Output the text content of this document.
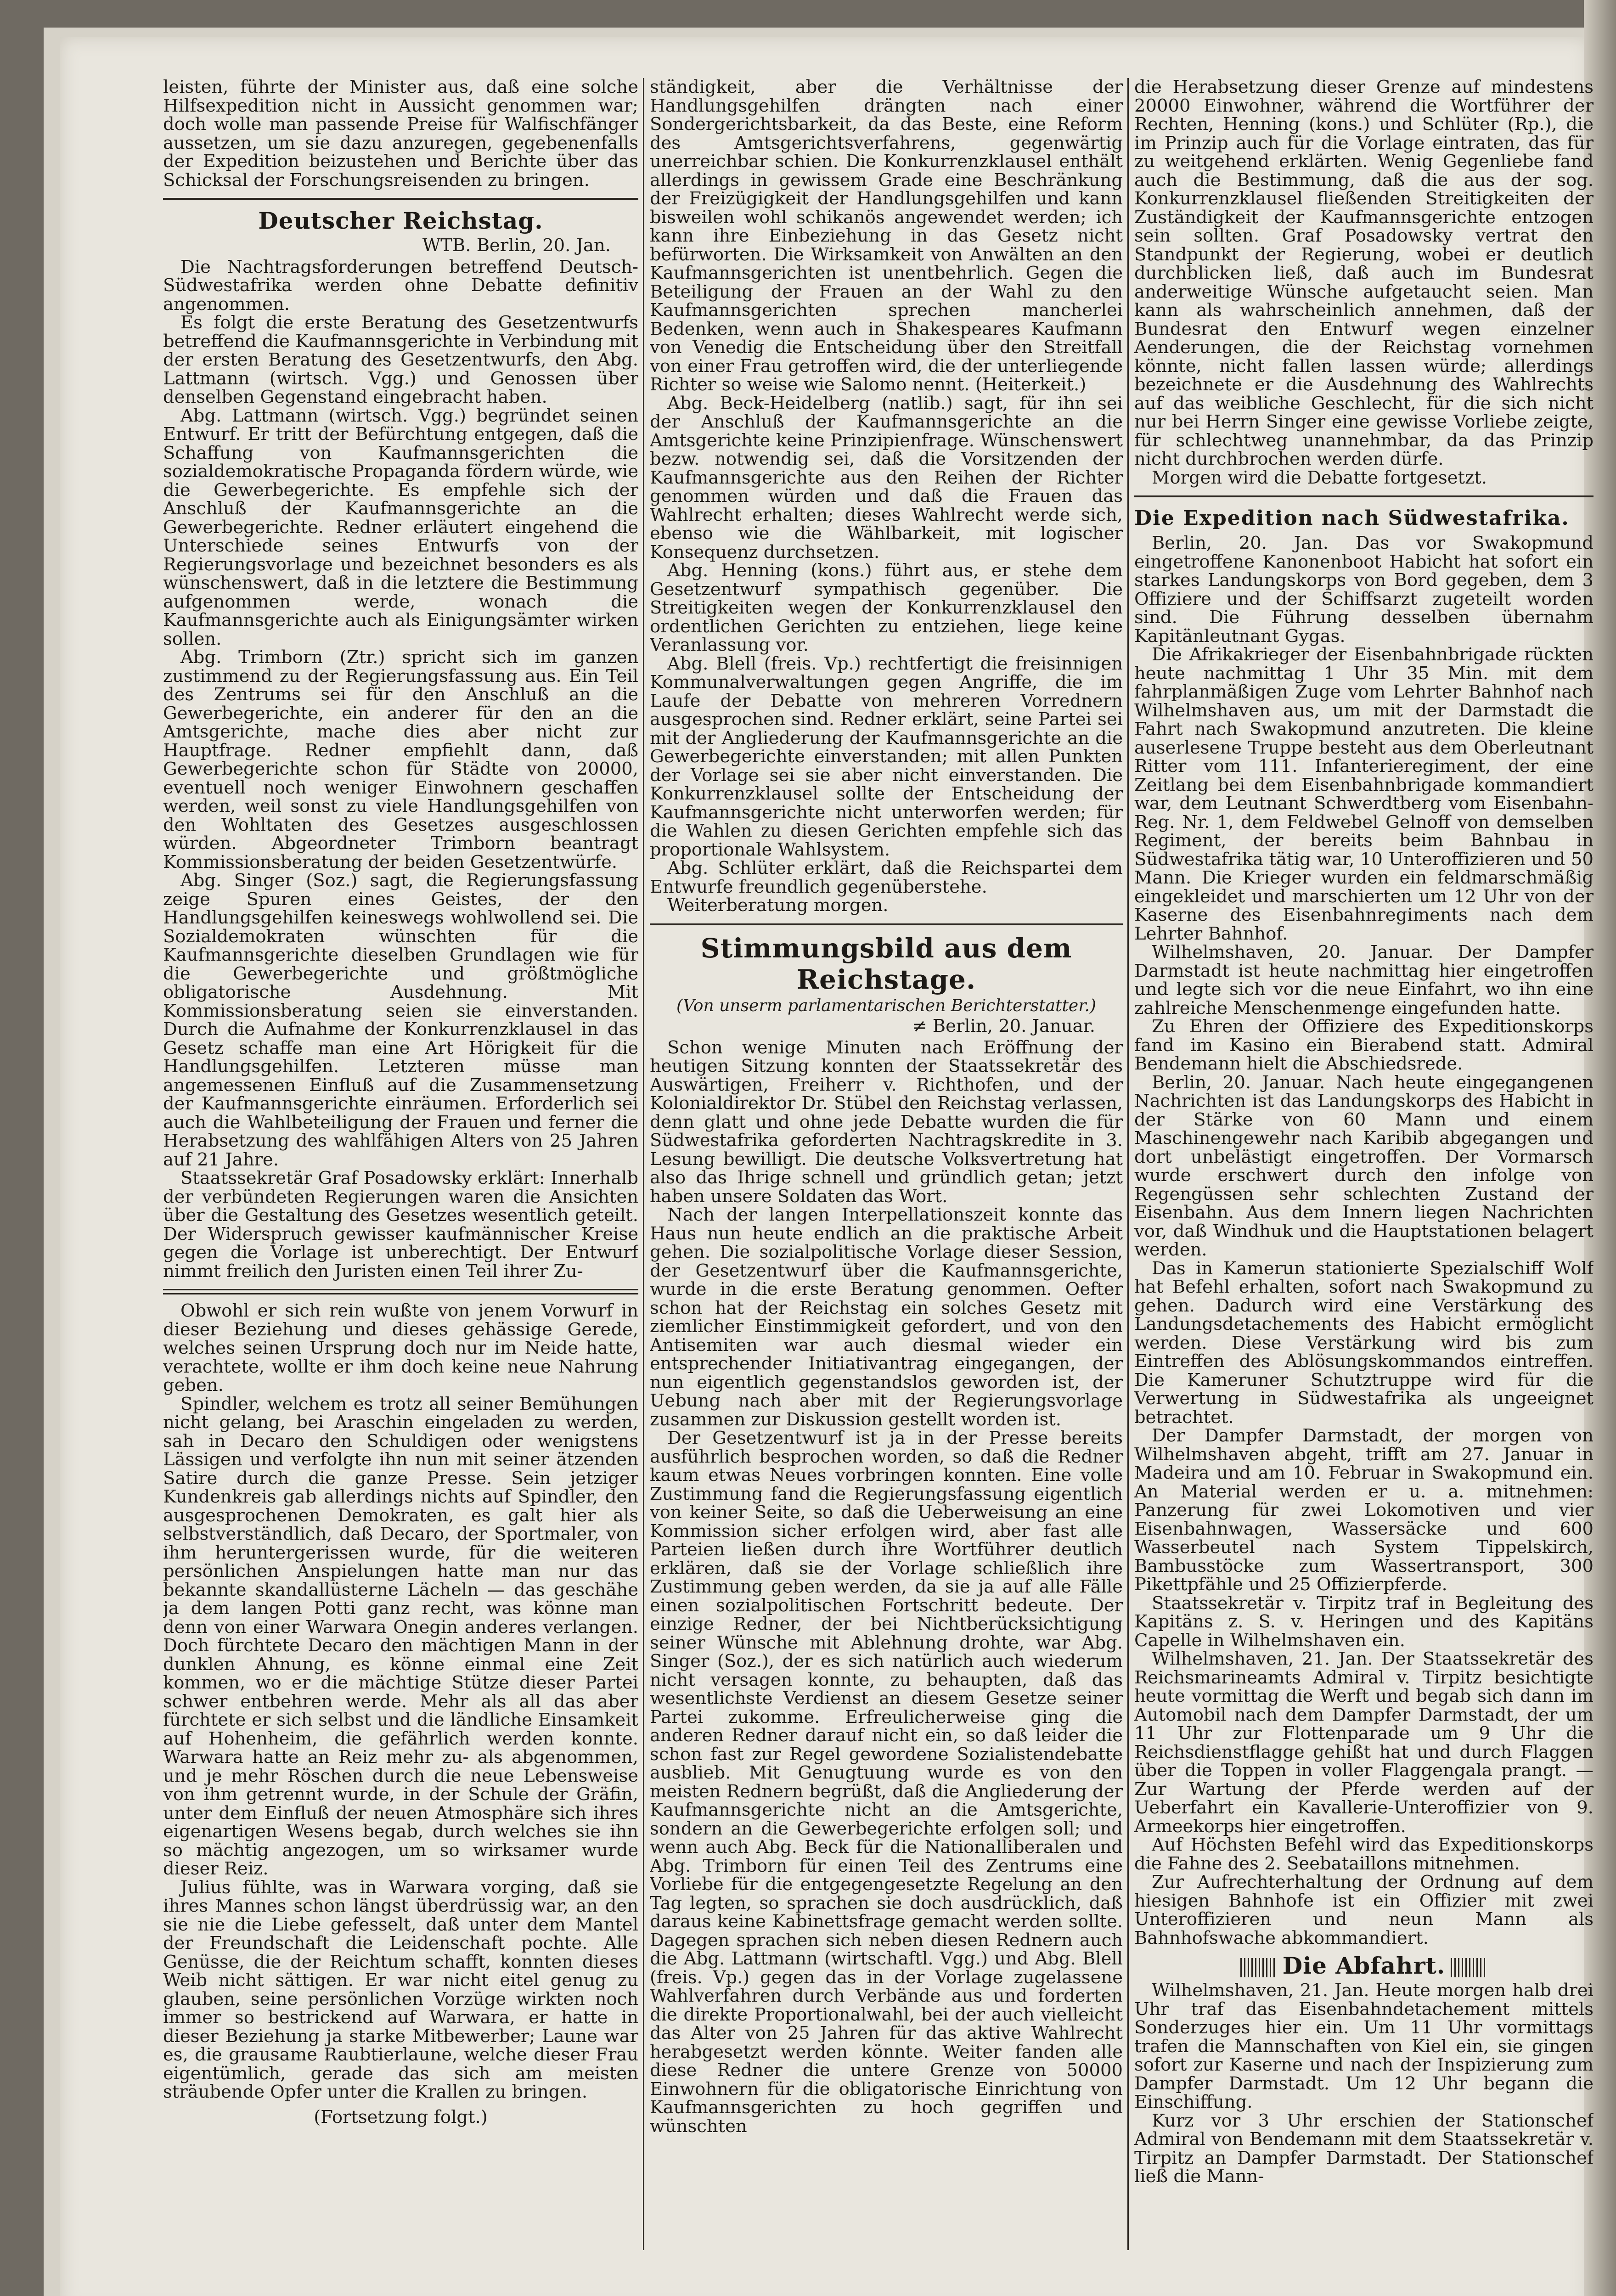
leisten, führte der Minister aus, daß eine solche Hilfsexpedition nicht in Aussicht genommen war; doch wolle man passende Preise für Walfischfänger aussetzen, um sie dazu anzuregen, gegebenenfalls der Expedition beizustehen und Berichte über das Schicksal der Forschungsreisenden zu bringen.

Deutscher Reichstag.
WTB. Berlin, 20. Jan.

Die Nachtragsforderungen betreffend Deutsch-Südwestafrika werden ohne Debatte definitiv angenommen.

Es folgt die erste Beratung des Gesetzentwurfs betreffend die Kaufmannsgerichte in Verbindung mit der ersten Beratung des Gesetzentwurfs, den Abg. Lattmann (wirtsch. Vgg.) und Genossen über denselben Gegenstand eingebracht haben.

Abg. Lattmann (wirtsch. Vgg.) begründet seinen Entwurf. Er tritt der Befürchtung entgegen, daß die Schaffung von Kaufmannsgerichten die sozialdemokratische Propaganda fördern würde, wie die Gewerbegerichte. Es empfehle sich der Anschluß der Kaufmannsgerichte an die Gewerbegerichte. Redner erläutert eingehend die Unterschiede seines Entwurfs von der Regierungsvorlage und bezeichnet besonders es als wünschenswert, daß in die letztere die Bestimmung aufgenommen werde, wonach die Kaufmannsgerichte auch als Einigungsämter wirken sollen.

Abg. Trimborn (Ztr.) spricht sich im ganzen zustimmend zu der Regierungsfassung aus. Ein Teil des Zentrums sei für den Anschluß an die Gewerbegerichte, ein anderer für den an die Amtsgerichte, mache dies aber nicht zur Hauptfrage. Redner empfiehlt dann, daß Gewerbegerichte schon für Städte von 20000, eventuell noch weniger Einwohnern geschaffen werden, weil sonst zu viele Handlungsgehilfen von den Wohltaten des Gesetzes ausgeschlossen würden. Abgeordneter Trimborn beantragt Kommissionsberatung der beiden Gesetzentwürfe.

Abg. Singer (Soz.) sagt, die Regierungsfassung zeige Spuren eines Geistes, der den Handlungsgehilfen keineswegs wohlwollend sei. Die Sozialdemokraten wünschten für die Kaufmannsgerichte dieselben Grundlagen wie für die Gewerbegerichte und größtmögliche obligatorische Ausdehnung. Mit Kommissionsberatung seien sie einverstanden. Durch die Aufnahme der Konkurrenzklausel in das Gesetz schaffe man eine Art Hörigkeit für die Handlungsgehilfen. Letzteren müsse man angemessenen Einfluß auf die Zusammensetzung der Kaufmannsgerichte einräumen. Erforderlich sei auch die Wahlbeteiligung der Frauen und ferner die Herabsetzung des wahlfähigen Alters von 25 Jahren auf 21 Jahre.

Staatssekretär Graf Posadowsky erklärt: Innerhalb der verbündeten Regierungen waren die Ansichten über die Gestaltung des Gesetzes wesentlich geteilt. Der Widerspruch gewisser kaufmännischer Kreise gegen die Vorlage ist unberechtigt. Der Entwurf nimmt freilich den Juristen einen Teil ihrer Zu-

Obwohl er sich rein wußte von jenem Vorwurf in dieser Beziehung und dieses gehässige Gerede, welches seinen Ursprung doch nur im Neide hatte, verachtete, wollte er ihm doch keine neue Nahrung geben.

Spindler, welchem es trotz all seiner Bemühungen nicht gelang, bei Araschin eingeladen zu werden, sah in Decaro den Schuldigen oder wenigstens Lässigen und verfolgte ihn nun mit seiner ätzenden Satire durch die ganze Presse. Sein jetziger Kundenkreis gab allerdings nichts auf Spindler, den ausgesprochenen Demokraten, es galt hier als selbstverständlich, daß Decaro, der Sportmaler, von ihm heruntergerissen wurde, für die weiteren persönlichen Anspielungen hatte man nur das bekannte skandallüsterne Lächeln — das geschähe ja dem langen Potti ganz recht, was könne man denn von einer Warwara Onegin anderes verlangen. Doch fürchtete Decaro den mächtigen Mann in der dunklen Ahnung, es könne einmal eine Zeit kommen, wo er die mächtige Stütze dieser Partei schwer entbehren werde. Mehr als all das aber fürchtete er sich selbst und die ländliche Einsamkeit auf Hohenheim, die gefährlich werden konnte. Warwara hatte an Reiz mehr zu- als abgenommen, und je mehr Röschen durch die neue Lebensweise von ihm getrennt wurde, in der Schule der Gräfin, unter dem Einfluß der neuen Atmosphäre sich ihres eigenartigen Wesens begab, durch welches sie ihn so mächtig angezogen, um so wirksamer wurde dieser Reiz.

Julius fühlte, was in Warwara vorging, daß sie ihres Mannes schon längst überdrüssig war, an den sie nie die Liebe gefesselt, daß unter dem Mantel der Freundschaft die Leidenschaft pochte. Alle Genüsse, die der Reichtum schafft, konnten dieses Weib nicht sättigen. Er war nicht eitel genug zu glauben, seine persönlichen Vorzüge wirkten noch immer so bestrickend auf Warwara, er hatte in dieser Beziehung ja starke Mitbewerber; Laune war es, die grausame Raubtierlaune, welche dieser Frau eigentümlich, gerade das sich am meisten sträubende Opfer unter die Krallen zu bringen.

(Fortsetzung folgt.)

ständigkeit, aber die Verhältnisse der Handlungsgehilfen drängten nach einer Sondergerichtsbarkeit, da das Beste, eine Reform des Amtsgerichtsverfahrens, gegenwärtig unerreichbar schien. Die Konkurrenzklausel enthält allerdings in gewissem Grade eine Beschränkung der Freizügigkeit der Handlungsgehilfen und kann bisweilen wohl schikanös angewendet werden; ich kann ihre Einbeziehung in das Gesetz nicht befürworten. Die Wirksamkeit von Anwälten an den Kaufmannsgerichten ist unentbehrlich. Gegen die Beteiligung der Frauen an der Wahl zu den Kaufmannsgerichten sprechen mancherlei Bedenken, wenn auch in Shakespeares Kaufmann von Venedig die Entscheidung über den Streitfall von einer Frau getroffen wird, die der unterliegende Richter so weise wie Salomo nennt. (Heiterkeit.)

Abg. Beck-Heidelberg (natlib.) sagt, für ihn sei der Anschluß der Kaufmannsgerichte an die Amtsgerichte keine Prinzipienfrage. Wünschenswert bezw. notwendig sei, daß die Vorsitzenden der Kaufmannsgerichte aus den Reihen der Richter genommen würden und daß die Frauen das Wahlrecht erhalten; dieses Wahlrecht werde sich, ebenso wie die Wählbarkeit, mit logischer Konsequenz durchsetzen.

Abg. Henning (kons.) führt aus, er stehe dem Gesetzentwurf sympathisch gegenüber. Die Streitigkeiten wegen der Konkurrenzklausel den ordentlichen Gerichten zu entziehen, liege keine Veranlassung vor.

Abg. Blell (freis. Vp.) rechtfertigt die freisinnigen Kommunalverwaltungen gegen Angriffe, die im Laufe der Debatte von mehreren Vorrednern ausgesprochen sind. Redner erklärt, seine Partei sei mit der Angliederung der Kaufmannsgerichte an die Gewerbegerichte einverstanden; mit allen Punkten der Vorlage sei sie aber nicht einverstanden. Die Konkurrenzklausel sollte der Entscheidung der Kaufmannsgerichte nicht unterworfen werden; für die Wahlen zu diesen Gerichten empfehle sich das proportionale Wahlsystem.

Abg. Schlüter erklärt, daß die Reichspartei dem Entwurfe freundlich gegenüberstehe.

Weiterberatung morgen.

Stimmungsbild aus dem Reichstage.
(Von unserm parlamentarischen Berichterstatter.)
≠ Berlin, 20. Januar.

Schon wenige Minuten nach Eröffnung der heutigen Sitzung konnten der Staatssekretär des Auswärtigen, Freiherr v. Richthofen, und der Kolonialdirektor Dr. Stübel den Reichstag verlassen, denn glatt und ohne jede Debatte wurden die für Südwestafrika geforderten Nachtragskredite in 3. Lesung bewilligt. Die deutsche Volksvertretung hat also das Ihrige schnell und gründlich getan; jetzt haben unsere Soldaten das Wort.

Nach der langen Interpellationszeit konnte das Haus nun heute endlich an die praktische Arbeit gehen. Die sozialpolitische Vorlage dieser Session, der Gesetzentwurf über die Kaufmannsgerichte, wurde in die erste Beratung genommen. Oefter schon hat der Reichstag ein solches Gesetz mit ziemlicher Einstimmigkeit gefordert, und von den Antisemiten war auch diesmal wieder ein entsprechender Initiativantrag eingegangen, der nun eigentlich gegenstandslos geworden ist, der Uebung nach aber mit der Regierungsvorlage zusammen zur Diskussion gestellt worden ist.

Der Gesetzentwurf ist ja in der Presse bereits ausführlich besprochen worden, so daß die Redner kaum etwas Neues vorbringen konnten. Eine volle Zustimmung fand die Regierungsfassung eigentlich von keiner Seite, so daß die Ueberweisung an eine Kommission sicher erfolgen wird, aber fast alle Parteien ließen durch ihre Wortführer deutlich erklären, daß sie der Vorlage schließlich ihre Zustimmung geben werden, da sie ja auf alle Fälle einen sozialpolitischen Fortschritt bedeute. Der einzige Redner, der bei Nichtberücksichtigung seiner Wünsche mit Ablehnung drohte, war Abg. Singer (Soz.), der es sich natürlich auch wiederum nicht versagen konnte, zu behaupten, daß das wesentlichste Verdienst an diesem Gesetze seiner Partei zukomme. Erfreulicherweise ging die anderen Redner darauf nicht ein, so daß leider die schon fast zur Regel gewordene Sozialistendebatte ausblieb. Mit Genugtuung wurde es von den meisten Rednern begrüßt, daß die Angliederung der Kaufmannsgerichte nicht an die Amtsgerichte, sondern an die Gewerbegerichte erfolgen soll; und wenn auch Abg. Beck für die Nationalliberalen und Abg. Trimborn für einen Teil des Zentrums eine Vorliebe für die entgegengesetzte Regelung an den Tag legten, so sprachen sie doch ausdrücklich, daß daraus keine Kabinettsfrage gemacht werden sollte. Dagegen sprachen sich neben diesen Rednern auch die Abg. Lattmann (wirtschaftl. Vgg.) und Abg. Blell (freis. Vp.) gegen das in der Vorlage zugelassene Wahlverfahren durch Verbände aus und forderten die direkte Proportionalwahl, bei der auch vielleicht das Alter von 25 Jahren für das aktive Wahlrecht herabgesetzt werden könnte. Weiter fanden alle diese Redner die untere Grenze von 50000 Einwohnern für die obligatorische Einrichtung von Kaufmannsgerichten zu hoch gegriffen und wünschten

die Herabsetzung dieser Grenze auf mindestens 20000 Einwohner, während die Wortführer der Rechten, Henning (kons.) und Schlüter (Rp.), die im Prinzip auch für die Vorlage eintraten, das für zu weitgehend erklärten. Wenig Gegenliebe fand auch die Bestimmung, daß die aus der sog. Konkurrenzklausel fließenden Streitigkeiten der Zuständigkeit der Kaufmannsgerichte entzogen sein sollten. Graf Posadowsky vertrat den Standpunkt der Regierung, wobei er deutlich durchblicken ließ, daß auch im Bundesrat anderweitige Wünsche aufgetaucht seien. Man kann als wahrscheinlich annehmen, daß der Bundesrat den Entwurf wegen einzelner Aenderungen, die der Reichstag vornehmen könnte, nicht fallen lassen würde; allerdings bezeichnete er die Ausdehnung des Wahlrechts auf das weibliche Geschlecht, für die sich nicht nur bei Herrn Singer eine gewisse Vorliebe zeigte, für schlechtweg unannehmbar, da das Prinzip nicht durchbrochen werden dürfe.

Morgen wird die Debatte fortgesetzt.

Die Expedition nach Südwestafrika.

Berlin, 20. Jan. Das vor Swakopmund eingetroffene Kanonenboot Habicht hat sofort ein starkes Landungskorps von Bord gegeben, dem 3 Offiziere und der Schiffsarzt zugeteilt worden sind. Die Führung desselben übernahm Kapitänleutnant Gygas.

Die Afrikakrieger der Eisenbahnbrigade rückten heute nachmittag 1 Uhr 35 Min. mit dem fahrplanmäßigen Zuge vom Lehrter Bahnhof nach Wilhelmshaven aus, um mit der Darmstadt die Fahrt nach Swakopmund anzutreten. Die kleine auserlesene Truppe besteht aus dem Oberleutnant Ritter vom 111. Infanterieregiment, der eine Zeitlang bei dem Eisenbahnbrigade kommandiert war, dem Leutnant Schwerdtberg vom Eisenbahn-Reg. Nr. 1, dem Feldwebel Gelnoff von demselben Regiment, der bereits beim Bahnbau in Südwestafrika tätig war, 10 Unteroffizieren und 50 Mann. Die Krieger wurden ein feldmarschmäßig eingekleidet und marschierten um 12 Uhr von der Kaserne des Eisenbahnregiments nach dem Lehrter Bahnhof.

Wilhelmshaven, 20. Januar. Der Dampfer Darmstadt ist heute nachmittag hier eingetroffen und legte sich vor die neue Einfahrt, wo ihn eine zahlreiche Menschenmenge eingefunden hatte.

Zu Ehren der Offiziere des Expeditionskorps fand im Kasino ein Bierabend statt. Admiral Bendemann hielt die Abschiedsrede.

Berlin, 20. Januar. Nach heute eingegangenen Nachrichten ist das Landungskorps des Habicht in der Stärke von 60 Mann und einem Maschinengewehr nach Karibib abgegangen und dort unbelästigt eingetroffen. Der Vormarsch wurde erschwert durch den infolge von Regengüssen sehr schlechten Zustand der Eisenbahn. Aus dem Innern liegen Nachrichten vor, daß Windhuk und die Hauptstationen belagert werden.

Das in Kamerun stationierte Spezialschiff Wolf hat Befehl erhalten, sofort nach Swakopmund zu gehen. Dadurch wird eine Verstärkung des Landungsdetachements des Habicht ermöglicht werden. Diese Verstärkung wird bis zum Eintreffen des Ablösungskommandos eintreffen. Die Kameruner Schutztruppe wird für die Verwertung in Südwestafrika als ungeeignet betrachtet.

Der Dampfer Darmstadt, der morgen von Wilhelmshaven abgeht, trifft am 27. Januar in Madeira und am 10. Februar in Swakopmund ein. An Material werden er u. a. mitnehmen: Panzerung für zwei Lokomotiven und vier Eisenbahnwagen, Wassersäcke und 600 Wasserbeutel nach System Tippelskirch, Bambusstöcke zum Wassertransport, 300 Pikettpfähle und 25 Offizierpferde.

Staatssekretär v. Tirpitz traf in Begleitung des Kapitäns z. S. v. Heringen und des Kapitäns Capelle in Wilhelmshaven ein.

Wilhelmshaven, 21. Jan. Der Staatssekretär des Reichsmarineamts Admiral v. Tirpitz besichtigte heute vormittag die Werft und begab sich dann im Automobil nach dem Dampfer Darmstadt, der um 11 Uhr zur Flottenparade um 9 Uhr die Reichsdienstflagge gehißt hat und durch Flaggen über die Toppen in voller Flaggengala prangt. — Zur Wartung der Pferde werden auf der Ueberfahrt ein Kavallerie-Unteroffizier von 9. Armeekorps hier eingetroffen.

Auf Höchsten Befehl wird das Expeditionskorps die Fahne des 2. Seebataillons mitnehmen.

Zur Aufrechterhaltung der Ordnung auf dem hiesigen Bahnhofe ist ein Offizier mit zwei Unteroffizieren und neun Mann als Bahnhofswache abkommandiert.

Die Abfahrt.

Wilhelmshaven, 21. Jan. Heute morgen halb drei Uhr traf das Eisenbahndetachement mittels Sonderzuges hier ein. Um 11 Uhr vormittags trafen die Mannschaften von Kiel ein, sie gingen sofort zur Kaserne und nach der Inspizierung zum Dampfer Darmstadt. Um 12 Uhr begann die Einschiffung.

Kurz vor 3 Uhr erschien der Stationschef Admiral von Bendemann mit dem Staatssekretär v. Tirpitz an Dampfer Darmstadt. Der Stationschef ließ die Mann-
